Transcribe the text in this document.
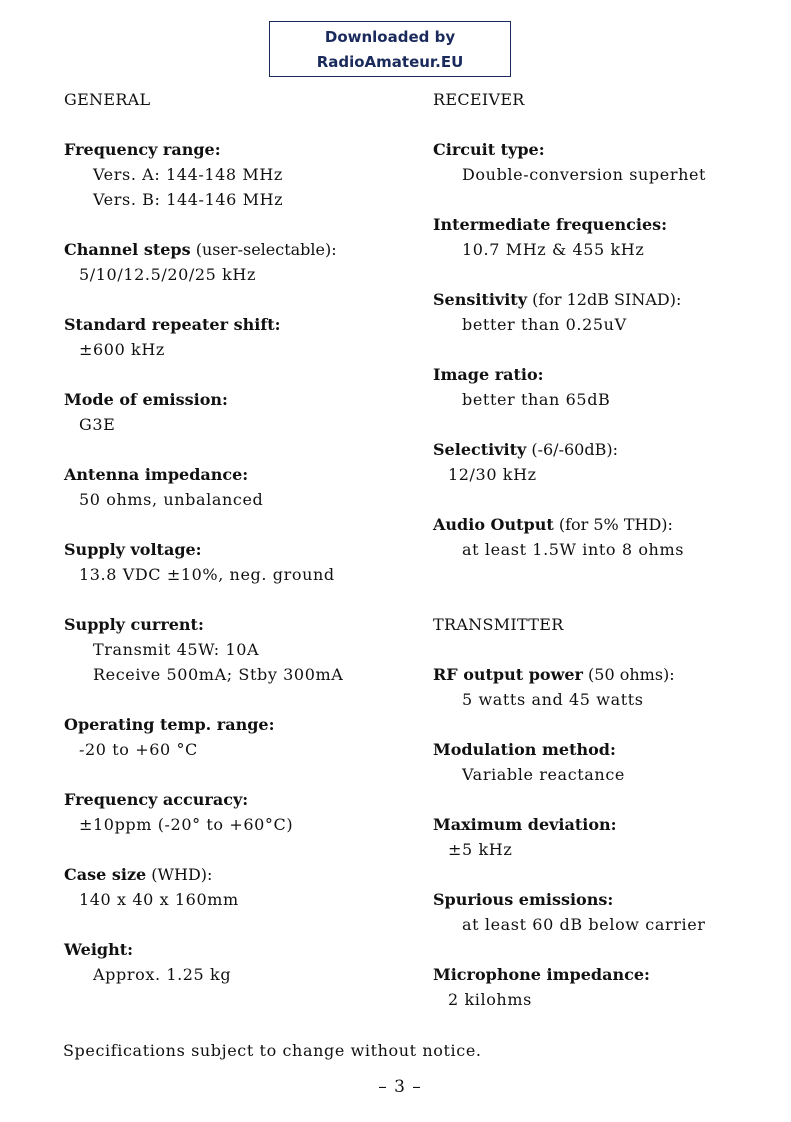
Downloaded by
RadioAmateur.EU
GENERAL
Frequency range:
Vers. A: 144-148 MHz
Vers. B: 144-146 MHz
Channel steps (user-selectable):
5/10/12.5/20/25 kHz
Standard repeater shift:
±600 kHz
Mode of emission:
G3E
Antenna impedance:
50 ohms, unbalanced
Supply voltage:
13.8 VDC ±10%, neg. ground
Supply current:
Transmit 45W: 10A
Receive 500mA; Stby 300mA
Operating temp. range:
-20 to +60 °C
Frequency accuracy:
±10ppm (-20° to +60°C)
Case size (WHD):
140 x 40 x 160mm
Weight:
Approx. 1.25 kg
RECEIVER
Circuit type:
Double-conversion superhet
Intermediate frequencies:
10.7 MHz & 455 kHz
Sensitivity (for 12dB SINAD):
better than 0.25uV
Image ratio:
better than 65dB
Selectivity (-6/-60dB):
12/30 kHz
Audio Output (for 5% THD):
at least 1.5W into 8 ohms
TRANSMITTER
RF output power (50 ohms):
5 watts and 45 watts
Modulation method:
Variable reactance
Maximum deviation:
±5 kHz
Spurious emissions:
at least 60 dB below carrier
Microphone impedance:
2 kilohms
Specifications subject to change without notice.
– 3 –
